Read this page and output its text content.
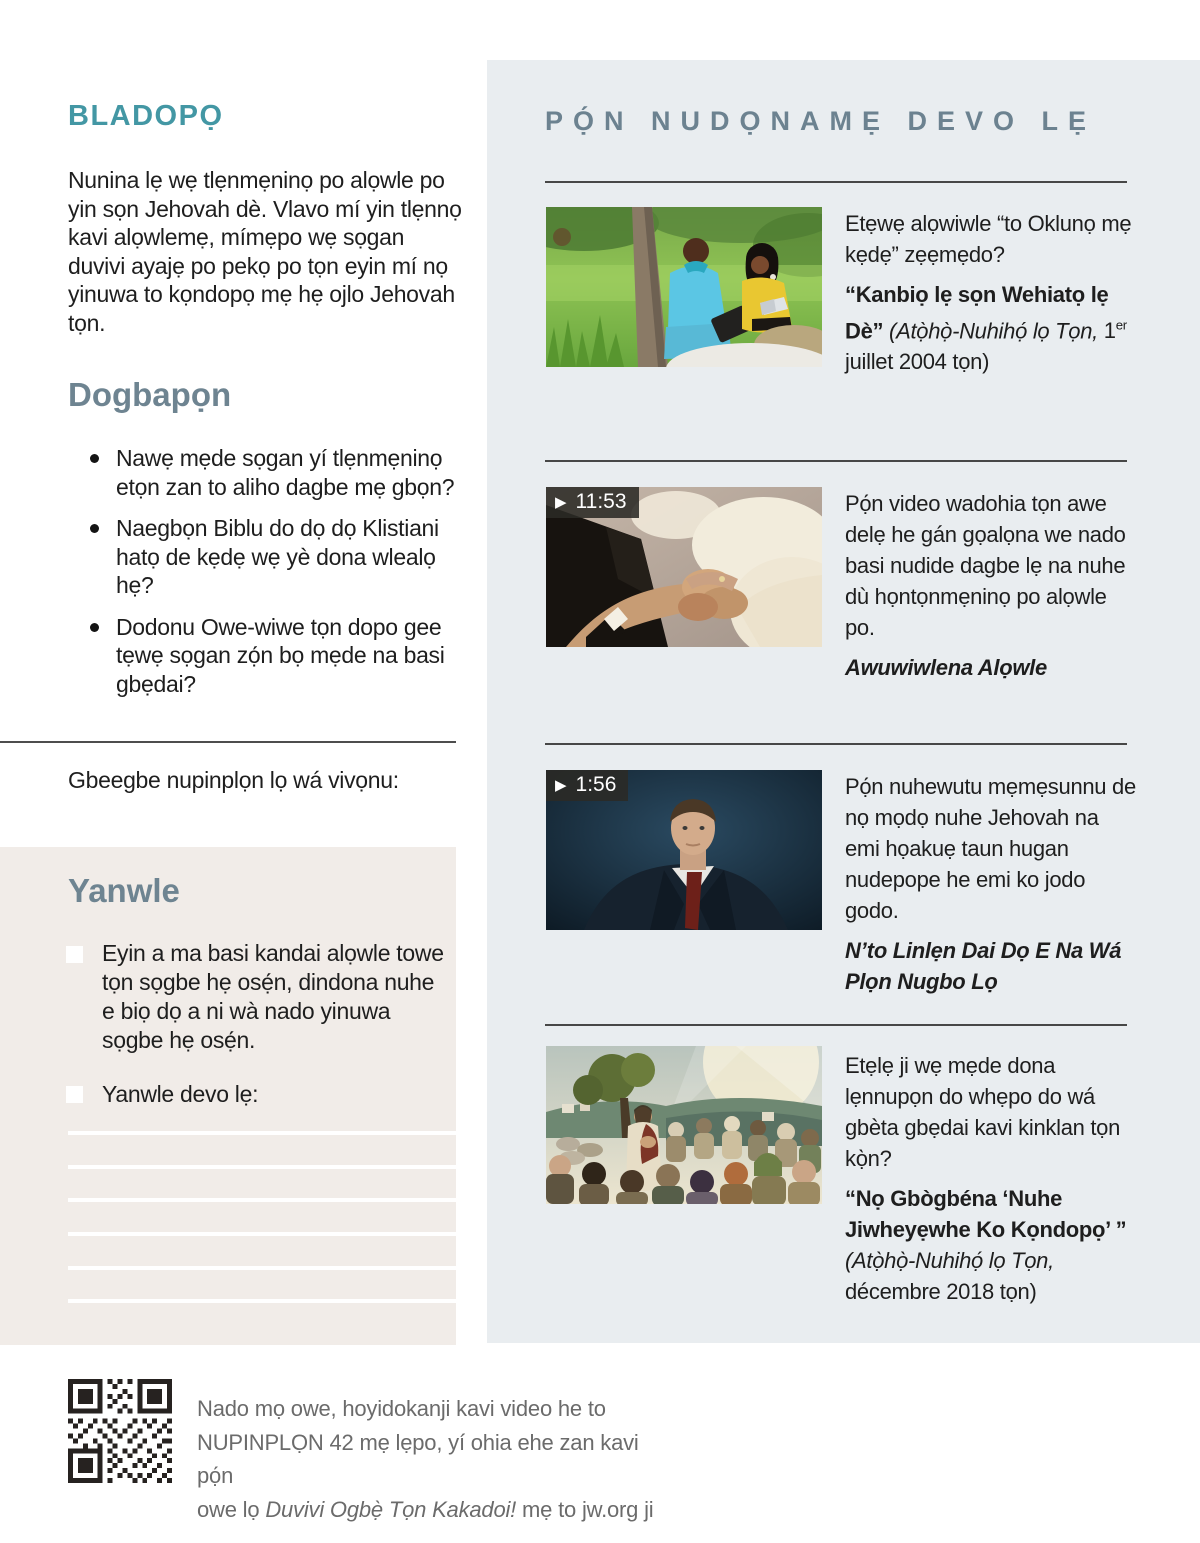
BLADOPỌ

Nunina lẹ wẹ tlẹnmẹninọ po alọwle po yin sọn Jehovah dè. Vlavo mí yin tlẹnnọ kavi alọwlemẹ, mímẹpo wẹ sọgan duvivi ayajẹ po pekọ po tọn eyin mí nọ yinuwa to kọndopọ mẹ hẹ ojlo Jehovah tọn.

Dogbapọn
Nawẹ mẹde sọgan yí tlẹnmẹninọ etọn zan to aliho dagbe mẹ gbọn?
Naegbọn Biblu do dọ dọ Klistiani hatọ de kẹdẹ wẹ yè dona wlealọ hẹ?
Dodonu Owe-wiwe tọn dopo gee tẹwẹ sọgan zọ́n bọ mẹde na basi gbẹdai?
Gbeegbe nupinplọn lọ wá vivọnu:
Yanwle
Eyin a ma basi kandai alọwle towe tọn sọgbe hẹ osẹ́n, dindona nuhe e biọ dọ a ni wà nado yinuwa sọgbe hẹ osẹ́n.
Yanwle devo lẹ:
Nado mọ owe, hoyidokanji kavi video he to
NUPINPLỌN 42 mẹ lẹpo, yí ohia ehe zan kavi pọ́n
owe lọ Duvivi Ogbẹ̀ Tọn Kakadoi! mẹ to jw.org ji
PỌ́N NUDỌNAMẸ DEVO LẸ

Etẹwẹ alọwiwle “to Oklunọ mẹ kẹdẹ” zẹẹmẹdo?

“Kanbiọ lẹ sọn Wehiatọ lẹ Dè” (Atọ̀họ̀-Nuhihọ́ lọ Tọn, 1er juillet 2004 tọn)

▶ 11:53	Pọ́n video wadohia tọn awe delẹ he gán gọalọna we nado basi nudide dagbe lẹ na nuhe dù họntọnmẹninọ po alọwle po.

Awuwiwlena Alọwle

▶ 1:56	Pọ́n nuhewutu mẹmẹsunnu de nọ mọdọ nuhe Jehovah na emi họakuẹ taun hugan nudepope he emi ko jodo godo.

N’to Linlẹn Dai Dọ E Na Wá Plọn Nugbo Lọ

Etẹlẹ ji wẹ mẹde dona lẹnnupọn do whẹpo do wá gbèta gbẹdai kavi kinklan tọn kọ̀n?

“Nọ Gbògbéna ‘Nuhe Jiwheyẹwhe Ko Kọndopọ’ ” (Atọ̀họ̀-Nuhihọ́ lọ Tọn, décembre 2018 tọn)
